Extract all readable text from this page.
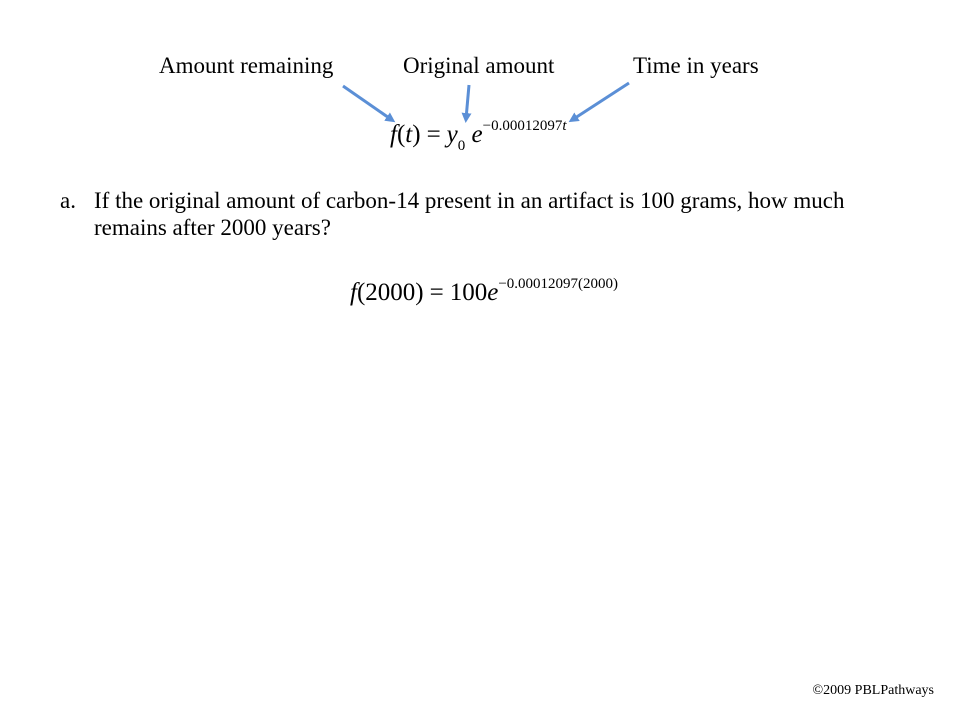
Amount remaining	Original amount	Time in years
$f(t) = y_0$ $e^{-0.00012097t}$
a. If the original amount of carbon-14 present in an artifact is 100 grams, how much remains after 2000 years?
$f(2000) = 100e^{-0.00012097(2000)}$
©2009 PBLPathways
